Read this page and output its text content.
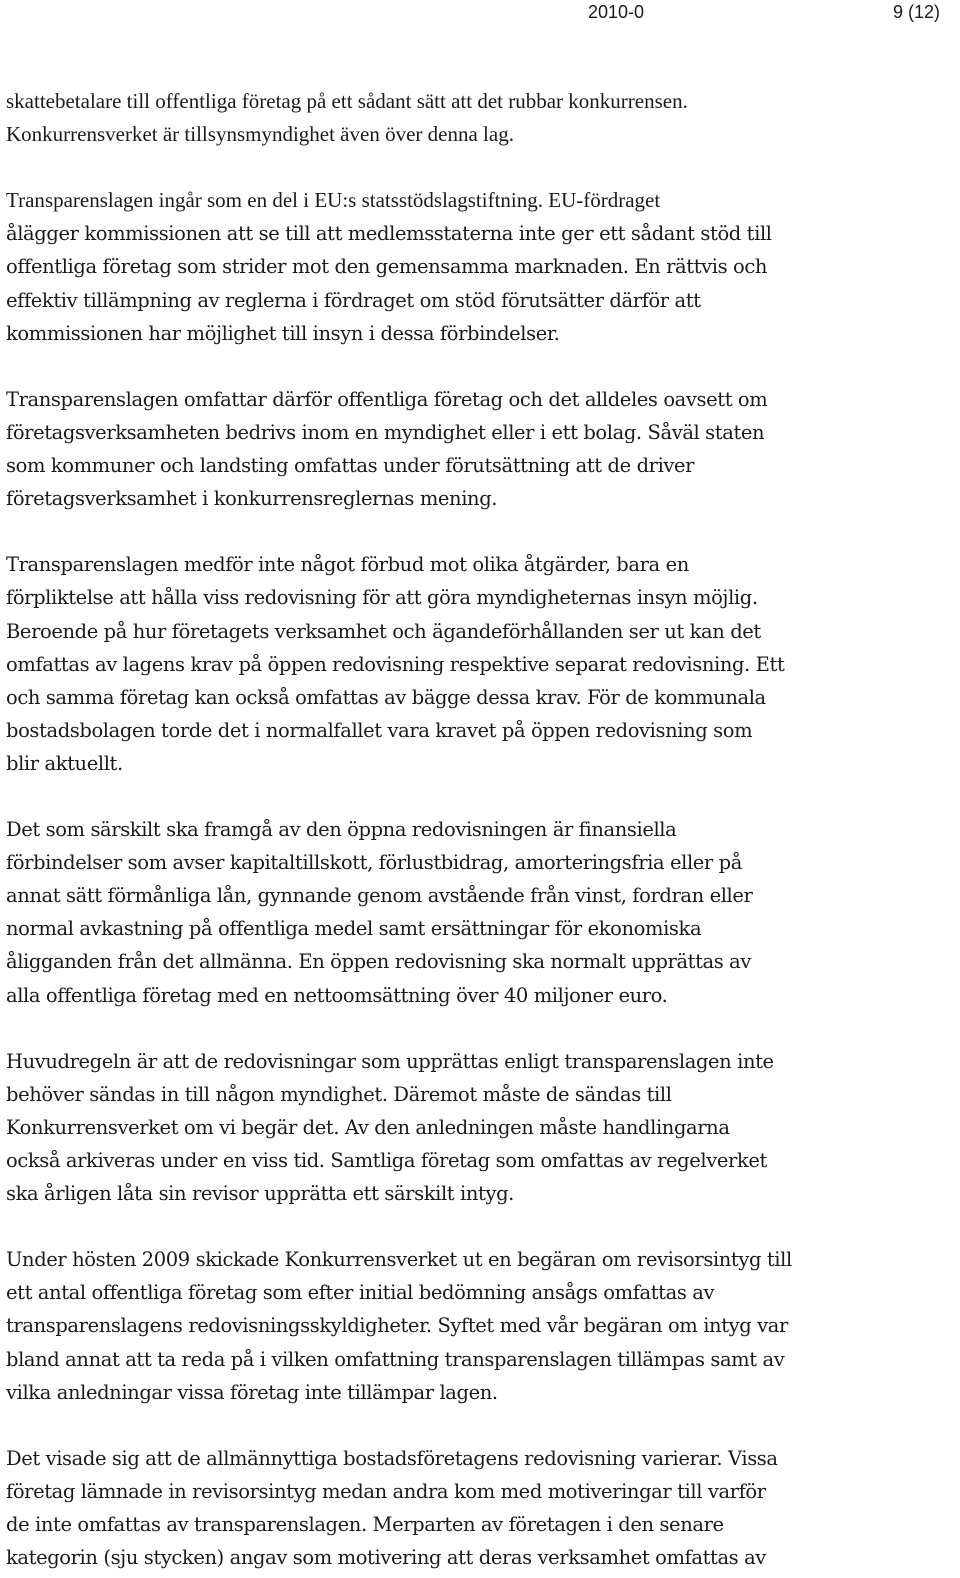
2010-0	9 (12)
skattebetalare till offentliga företag på ett sådant sätt att det rubbar konkurrensen.
Konkurrensverket är tillsynsmyndighet även över denna lag.
Transparenslagen ingår som en del i EU:s statsstödslagstiftning. EU-fördraget
ålägger kommissionen att se till att medlemsstaterna inte ger ett sådant stöd till
offentliga företag som strider mot den gemensamma marknaden. En rättvis och
effektiv tillämpning av reglerna i fördraget om stöd förutsätter därför att
kommissionen har möjlighet till insyn i dessa förbindelser.
Transparenslagen omfattar därför offentliga företag och det alldeles oavsett om
företagsverksamheten bedrivs inom en myndighet eller i ett bolag. Såväl staten
som kommuner och landsting omfattas under förutsättning att de driver
företagsverksamhet i konkurrensreglernas mening.
Transparenslagen medför inte något förbud mot olika åtgärder, bara en
förpliktelse att hålla viss redovisning för att göra myndigheternas insyn möjlig.
Beroende på hur företagets verksamhet och ägandeförhållanden ser ut kan det
omfattas av lagens krav på öppen redovisning respektive separat redovisning. Ett
och samma företag kan också omfattas av bägge dessa krav. För de kommunala
bostadsbolagen torde det i normalfallet vara kravet på öppen redovisning som
blir aktuellt.
Det som särskilt ska framgå av den öppna redovisningen är finansiella
förbindelser som avser kapitaltillskott, förlustbidrag, amorteringsfria eller på
annat sätt förmånliga lån, gynnande genom avstående från vinst, fordran eller
normal avkastning på offentliga medel samt ersättningar för ekonomiska
åligganden från det allmänna. En öppen redovisning ska normalt upprättas av
alla offentliga företag med en nettoomsättning över 40 miljoner euro.
Huvudregeln är att de redovisningar som upprättas enligt transparenslagen inte
behöver sändas in till någon myndighet. Däremot måste de sändas till
Konkurrensverket om vi begär det. Av den anledningen måste handlingarna
också arkiveras under en viss tid. Samtliga företag som omfattas av regelverket
ska årligen låta sin revisor upprätta ett särskilt intyg.
Under hösten 2009 skickade Konkurrensverket ut en begäran om revisorsintyg till
ett antal offentliga företag som efter initial bedömning ansågs omfattas av
transparenslagens redovisningsskyldigheter. Syftet med vår begäran om intyg var
bland annat att ta reda på i vilken omfattning transparenslagen tillämpas samt av
vilka anledningar vissa företag inte tillämpar lagen.
Det visade sig att de allmännyttiga bostadsföretagens redovisning varierar. Vissa
företag lämnade in revisorsintyg medan andra kom med motiveringar till varför
de inte omfattas av transparenslagen. Merparten av företagen i den senare
kategorin (sju stycken) angav som motivering att deras verksamhet omfattas av
